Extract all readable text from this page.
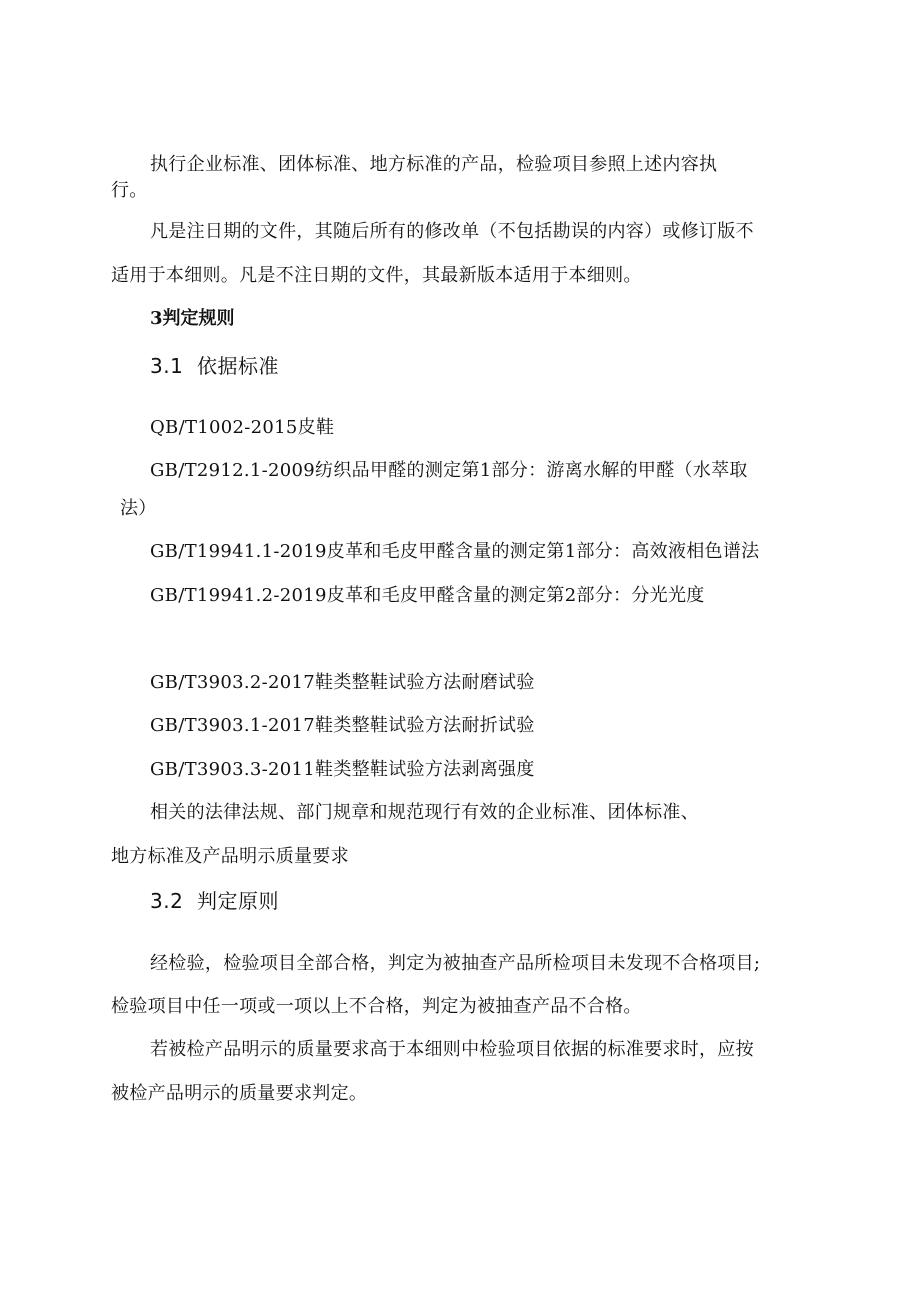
执行企业标准、团体标准、地方标准的产品，检验项目参照上述内容执
行。
凡是注日期的文件，其随后所有的修改单（不包括勘误的内容）或修订版不
适用于本细则。凡是不注日期的文件，其最新版本适用于本细则。
3判定规则
3.1 依据标准
QB/T1002-2015皮鞋
GB/T2912.1-2009纺织品甲醛的测定第1部分：游离水解的甲醛（水萃取
法）
GB/T19941.1-2019皮革和毛皮甲醛含量的测定第1部分：高效液相色谱法
GB/T19941.2-2019皮革和毛皮甲醛含量的测定第2部分：分光光度
GB/T3903.2-2017鞋类整鞋试验方法耐磨试验
GB/T3903.1-2017鞋类整鞋试验方法耐折试验
GB/T3903.3-2011鞋类整鞋试验方法剥离强度
相关的法律法规、部门规章和规范现行有效的企业标准、团体标准、
地方标准及产品明示质量要求
3.2 判定原则
经检验，检验项目全部合格，判定为被抽查产品所检项目未发现不合格项目;
检验项目中任一项或一项以上不合格，判定为被抽查产品不合格。
若被检产品明示的质量要求高于本细则中检验项目依据的标准要求时，应按
被检产品明示的质量要求判定。
